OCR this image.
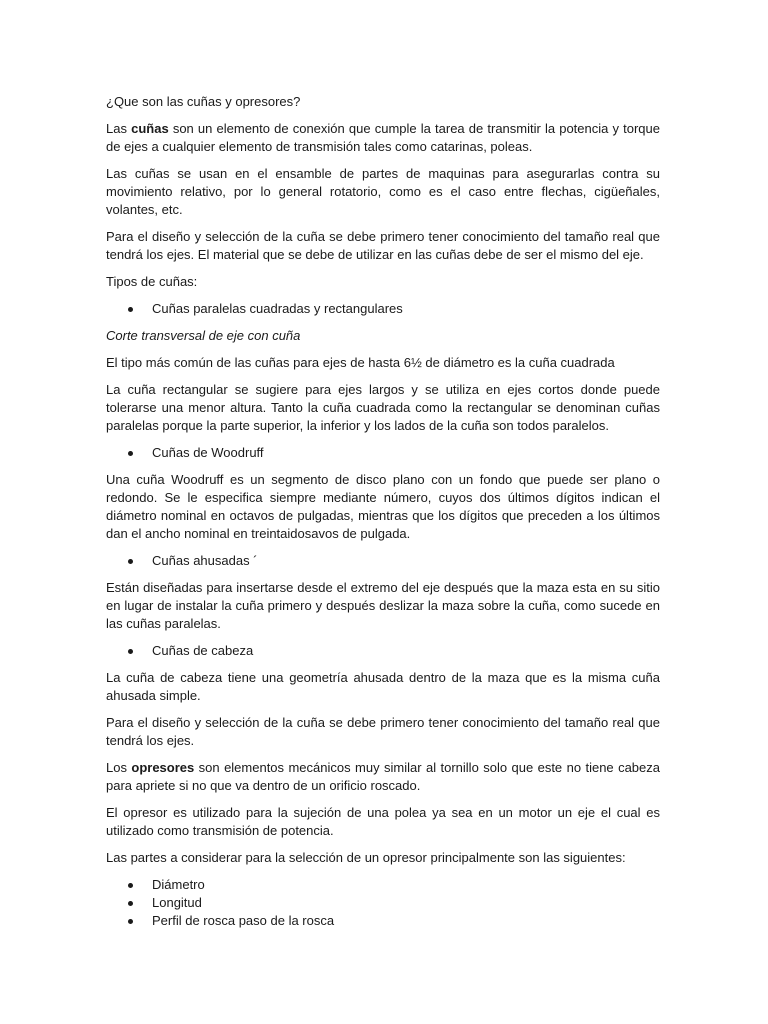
¿Que son las cuñas y opresores?

Las cuñas son un elemento de conexión que cumple la tarea de transmitir la potencia y torque de ejes a cualquier elemento de transmisión tales como catarinas, poleas.

Las cuñas se usan en el ensamble de partes de maquinas para asegurarlas contra su movimiento relativo, por lo general rotatorio, como es el caso entre flechas, cigüeñales, volantes, etc.

Para el diseño y selección de la cuña se debe primero tener conocimiento del tamaño real que tendrá los ejes. El material que se debe de utilizar en las cuñas debe de ser el mismo del eje.

Tipos de cuñas:

Cuñas paralelas cuadradas y rectangulares

Corte transversal de eje con cuña

El tipo más común de las cuñas para ejes de hasta 6½ de diámetro es la cuña cuadrada

La cuña rectangular se sugiere para ejes largos y se utiliza en ejes cortos donde puede tolerarse una menor altura. Tanto la cuña cuadrada como la rectangular se denominan cuñas paralelas porque la parte superior, la inferior y los lados de la cuña son todos paralelos.

Cuñas de Woodruff

Una cuña Woodruff es un segmento de disco plano con un fondo que puede ser plano o redondo. Se le especifica siempre mediante número, cuyos dos últimos dígitos indican el diámetro nominal en octavos de pulgadas, mientras que los dígitos que preceden a los últimos dan el ancho nominal en treintaidosavos de pulgada.

Cuñas ahusadas ´

Están diseñadas para insertarse desde el extremo del eje después que la maza esta en su sitio en lugar de instalar la cuña primero y después deslizar la maza sobre la cuña, como sucede en las cuñas paralelas.

Cuñas de cabeza

La cuña de cabeza tiene una geometría ahusada dentro de la maza que es la misma cuña ahusada simple.

Para el diseño y selección de la cuña se debe primero tener conocimiento del tamaño real que tendrá los ejes.

Los opresores son elementos mecánicos muy similar al tornillo solo que este no tiene cabeza para apriete si no que va dentro de un orificio roscado.

El opresor es utilizado para la sujeción de una polea ya sea en un motor un eje el cual es utilizado como transmisión de potencia.

Las partes a considerar para la selección de un opresor principalmente son las siguientes:

Diámetro
Longitud
Perfil de rosca paso de la rosca
